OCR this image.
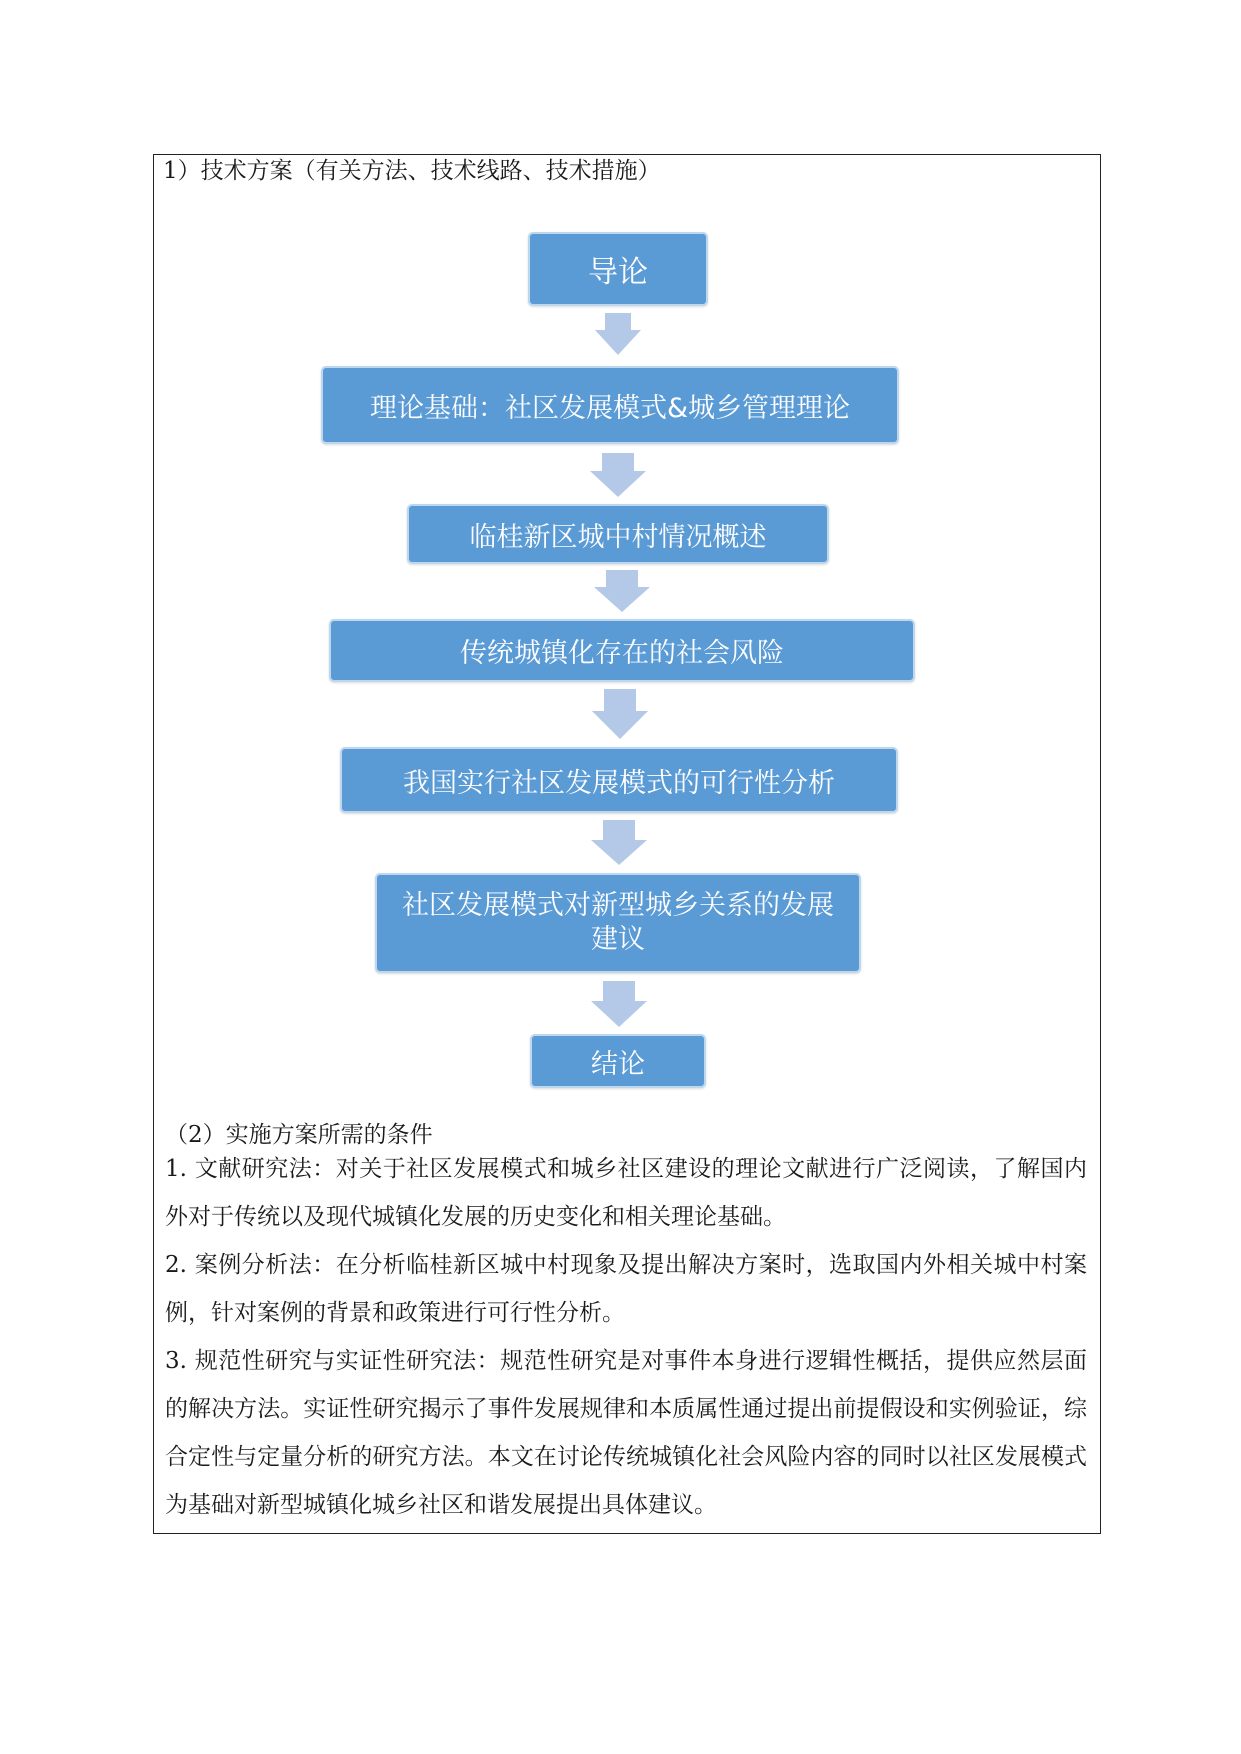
1）技术方案（有关方法、技术线路、技术措施）
导论
理论基础：社区发展模式&城乡管理理论
临桂新区城中村情况概述
传统城镇化存在的社会风险
我国实行社区发展模式的可行性分析
社区发展模式对新型城乡关系的发展建议
结论
（2）实施方案所需的条件

1. 文献研究法：对关于社区发展模式和城乡社区建设的理论文献进行广泛阅读，了解国内外对于传统以及现代城镇化发展的历史变化和相关理论基础。

2. 案例分析法：在分析临桂新区城中村现象及提出解决方案时，选取国内外相关城中村案例，针对案例的背景和政策进行可行性分析。

3. 规范性研究与实证性研究法：规范性研究是对事件本身进行逻辑性概括，提供应然层面的解决方法。实证性研究揭示了事件发展规律和本质属性通过提出前提假设和实例验证，综合定性与定量分析的研究方法。本文在讨论传统城镇化社会风险内容的同时以社区发展模式为基础对新型城镇化城乡社区和谐发展提出具体建议。
